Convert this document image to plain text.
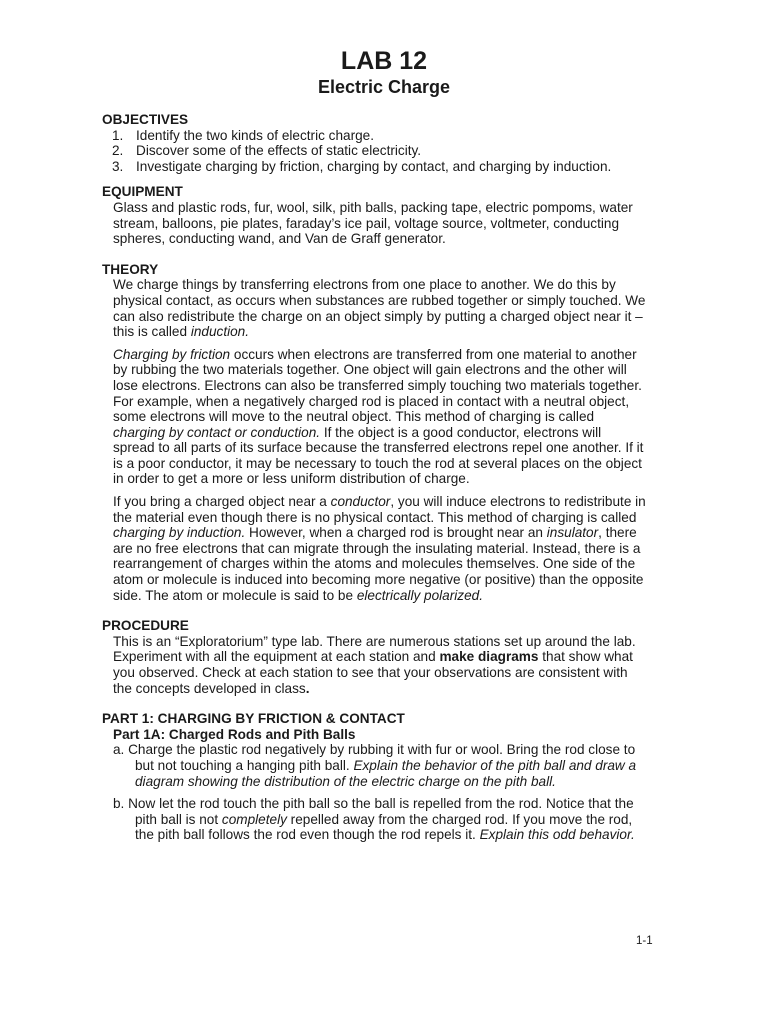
LAB 12
Electric Charge
OBJECTIVES
1. Identify the two kinds of electric charge.
2. Discover some of the effects of static electricity.
3. Investigate charging by friction, charging by contact, and charging by induction.
EQUIPMENT
Glass and plastic rods, fur, wool, silk, pith balls, packing tape, electric pompoms, water
stream, balloons, pie plates, faraday’s ice pail, voltage source, voltmeter, conducting
spheres, conducting wand, and Van de Graff generator.
THEORY
We charge things by transferring electrons from one place to another. We do this by
physical contact, as occurs when substances are rubbed together or simply touched. We
can also redistribute the charge on an object simply by putting a charged object near it –
this is called induction.
Charging by friction occurs when electrons are transferred from one material to another
by rubbing the two materials together. One object will gain electrons and the other will
lose electrons. Electrons can also be transferred simply touching two materials together.
For example, when a negatively charged rod is placed in contact with a neutral object,
some electrons will move to the neutral object. This method of charging is called
charging by contact or conduction. If the object is a good conductor, electrons will
spread to all parts of its surface because the transferred electrons repel one another. If it
is a poor conductor, it may be necessary to touch the rod at several places on the object
in order to get a more or less uniform distribution of charge.
If you bring a charged object near a conductor, you will induce electrons to redistribute in
the material even though there is no physical contact. This method of charging is called
charging by induction. However, when a charged rod is brought near an insulator, there
are no free electrons that can migrate through the insulating material. Instead, there is a
rearrangement of charges within the atoms and molecules themselves. One side of the
atom or molecule is induced into becoming more negative (or positive) than the opposite
side. The atom or molecule is said to be electrically polarized.
PROCEDURE
This is an “Exploratorium” type lab. There are numerous stations set up around the lab.
Experiment with all the equipment at each station and make diagrams that show what
you observed. Check at each station to see that your observations are consistent with
the concepts developed in class.
PART 1: CHARGING BY FRICTION & CONTACT
Part 1A: Charged Rods and Pith Balls
a. Charge the plastic rod negatively by rubbing it with fur or wool. Bring the rod close to
but not touching a hanging pith ball. Explain the behavior of the pith ball and draw a
diagram showing the distribution of the electric charge on the pith ball.
b. Now let the rod touch the pith ball so the ball is repelled from the rod. Notice that the
pith ball is not completely repelled away from the charged rod. If you move the rod,
the pith ball follows the rod even though the rod repels it. Explain this odd behavior.
1-1
